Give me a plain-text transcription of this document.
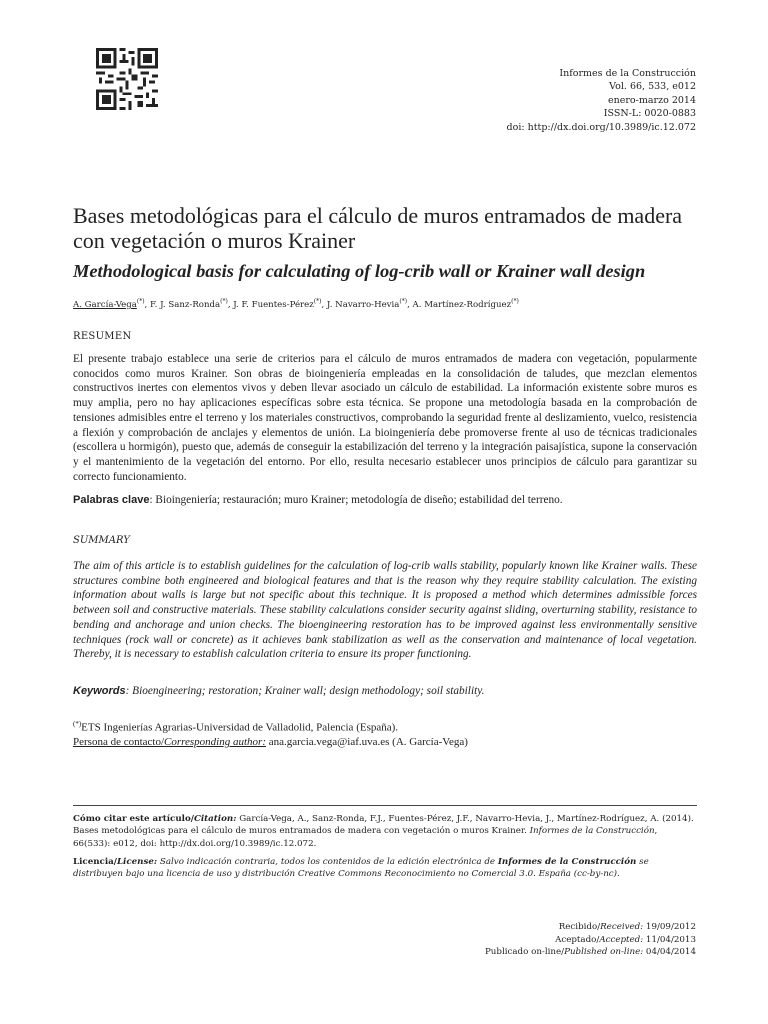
Informes de la Construcción
Vol. 66, 533, e012
enero-marzo 2014
ISSN-L: 0020-0883
doi: http://dx.doi.org/10.3989/ic.12.072
Bases metodológicas para el cálculo de muros entramados de madera con vegetación o muros Krainer
Methodological basis for calculating of log-crib wall or Krainer wall design
A. García-Vega(*), F. J. Sanz-Ronda(*), J. F. Fuentes-Pérez(*), J. Navarro-Hevia(*), A. Martínez-Rodríguez(*)
RESUMEN
El presente trabajo establece una serie de criterios para el cálculo de muros entramados de madera con vegetación, popularmente conocidos como muros Krainer. Son obras de bioingeniería empleadas en la consolidación de taludes, que mezclan elementos constructivos inertes con elementos vivos y deben llevar asociado un cálculo de estabilidad. La información existente sobre muros es muy amplia, pero no hay aplicaciones específicas sobre esta técnica. Se propone una metodología basada en la comprobación de tensiones admisibles entre el terreno y los materiales constructivos, comprobando la seguridad frente al deslizamiento, vuelco, resistencia a flexión y comprobación de anclajes y elementos de unión. La bioingeniería debe promoverse frente al uso de técnicas tradicionales (escollera u hormigón), puesto que, además de conseguir la estabilización del terreno y la integración paisajística, supone la conservación y el mantenimiento de la vegetación del entorno. Por ello, resulta necesario establecer unos principios de cálculo para garantizar su correcto funcionamiento.
Palabras clave: Bioingeniería; restauración; muro Krainer; metodología de diseño; estabilidad del terreno.
SUMMARY
The aim of this article is to establish guidelines for the calculation of log-crib walls stability, popularly known like Krainer walls. These structures combine both engineered and biological features and that is the reason why they require stability calculation. The existing information about walls is large but not specific about this technique. It is proposed a method which determines admissible forces between soil and constructive materials. These stability calculations consider security against sliding, overturning stability, resistance to bending and anchorage and union checks. The bioengineering restoration has to be improved against less environmentally sensitive techniques (rock wall or concrete) as it achieves bank stabilization as well as the conservation and maintenance of local vegetation. Thereby, it is necessary to establish calculation criteria to ensure its proper functioning.
Keywords: Bioengineering; restoration; Krainer wall; design methodology; soil stability.
(*)ETS Ingenierías Agrarias-Universidad de Valladolid, Palencia (España).
Persona de contacto/Corresponding author: ana.garcia.vega@iaf.uva.es (A. García-Vega)
Cómo citar este artículo/Citation: García-Vega, A., Sanz-Ronda, F.J., Fuentes-Pérez, J.F., Navarro-Hevia, J., Martínez-Rodríguez, A. (2014). Bases metodológicas para el cálculo de muros entramados de madera con vegetación o muros Krainer. Informes de la Construcción, 66(533): e012, doi: http://dx.doi.org/10.3989/ic.12.072.
Licencia/License: Salvo indicación contraria, todos los contenidos de la edición electrónica de Informes de la Construcción se distribuyen bajo una licencia de uso y distribución Creative Commons Reconocimiento no Comercial 3.0. España (cc-by-nc).
Recibido/Received: 19/09/2012
Aceptado/Accepted: 11/04/2013
Publicado on-line/Published on-line: 04/04/2014
